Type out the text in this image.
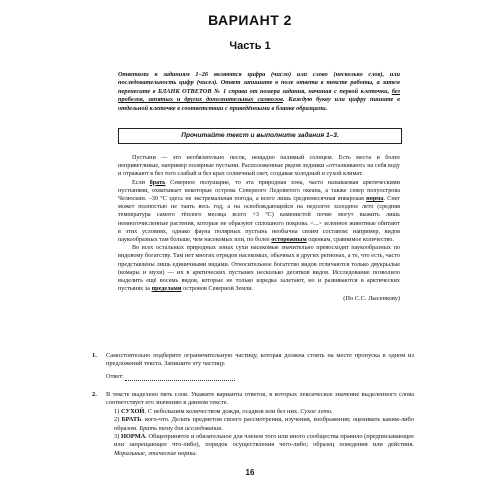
ВАРИАНТ 2
Часть 1
Ответами к заданиям 1–26 являются цифра (число) или слово (несколько слов), или последовательность цифр (чисел). Ответ запишите в поле ответа в тексте работы, а затем перенесите в БЛАНК ОТВЕТОВ № 1 справа от номера задания, начиная с первой клеточки, без пробелов, запятых и других дополнительных символов. Каждую букву или цифру пишите в отдельной клеточке в соответствии с приведёнными в бланке образцами.
Прочитайте текст и выполните задания 1–3.

Пустыни — это необязательно песок, нещадно палимый солнцем. Есть места и более неприветливые, например полярные пустыни. Расположенные рядом ледники «отталкивают» на себя воду и отражают в без того слабый и без крах солнечный свет, создавая холодный и сухой климат.

Если брать Северное полушарие, то эта природная зона, часто называемая арктическими пустынями, охватывает некоторые острова Северного Ледовитого океана, а также север полуострова Челюскин. –30 °С здесь не экстремальная погода, а всего лишь среднемесячная январская норма. Снег может полностью не таять весь год, а на освобождающейся на недолгое холодное лето (средняя температура самого тёплого месяца всего +3 °С) каменистой почве могут выжить лишь немногочисленные растения, которые не образуют сплошного покрова. <...> зеленное животные обитают в этих условиях, однако фауна полярных пустынь необычна своим составом: например, видов паукообразных там больше, чем насекомых или, по более осторожным оценкам, сравнимое количество.

Во всех остальных природных зонах сухи насекомые значительно превосходят паукообразных по видовому богатству. Там нет многих отрядов насекомых, обычных в других регионах, а те, что есть, часто представлены лишь единичными видами. Относительное богатство видов отличаются только двукрылые (комары и мухи) — их в арктических пустынях несколько десятков видов. Исследование позволило выделить ещё восемь видов, которые не только изредка залетают, но и развиваются в арктических пустынях за пределами островов Северной Земли.

(По С.С. Лысенкову)
1. Самостоятельно подберите ограничительную частицу, которая должна стоять на месте пропуска в одном из предложений текста. Запишите эту частицу.
Ответ:
2. В тексте выделено пять слов. Укажите варианты ответов, в которых лексическое значение выделенного слова соответствует его значению в данном тексте.

1) СУХОЙ. С небольшим количеством дождя, осадков или без них. Сухое лето.

2) БРАТЬ. кого-что. Делать предметом своего рассмотрения, изучения, изображения; оценивать каким-либо образом. Брать тему для исследования.

3) НОРМА. Общепринятое и обязательное для членов того или иного сообщества правило (предписывающее или запрещающее что-либо), порядок осуществления чего-либо; образец поведения или действия. Моральные, этические нормы.

16
